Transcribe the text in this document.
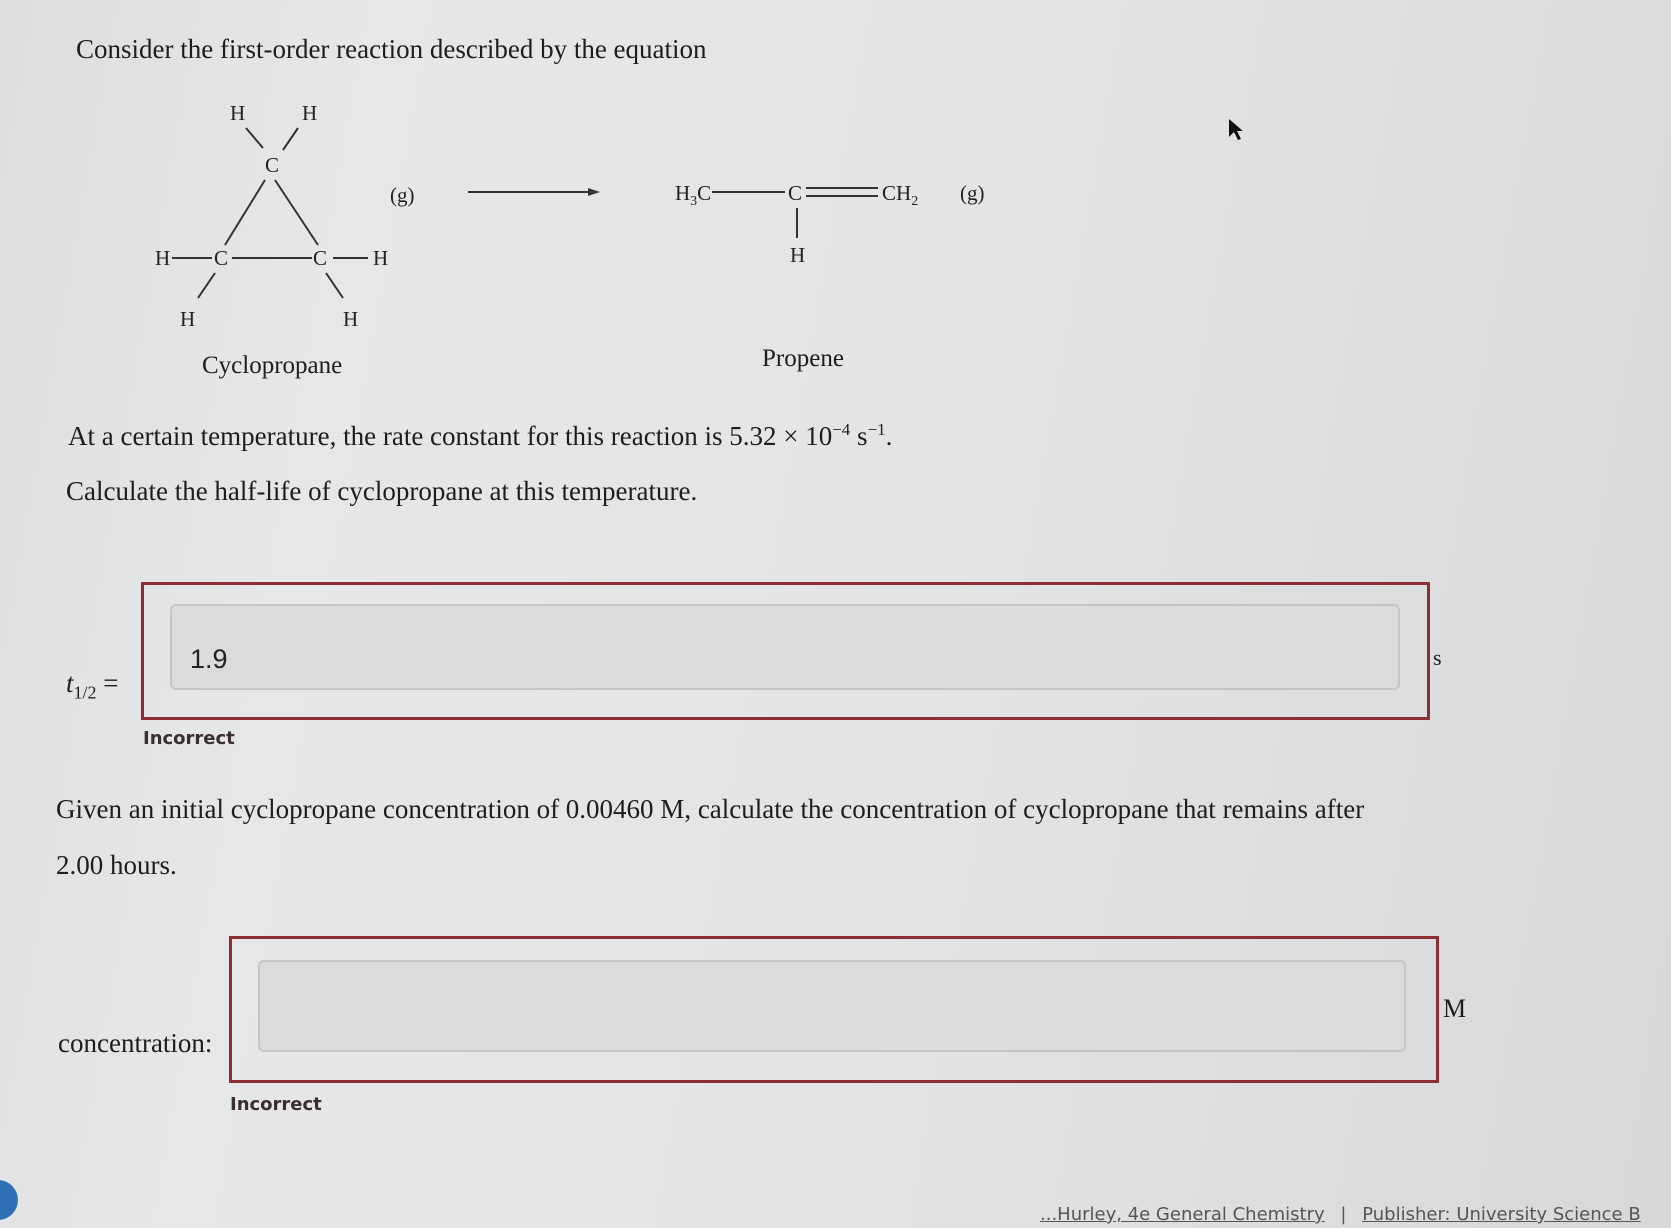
Consider the first-order reaction described by the equation
H	H
C
H C	C H
H	H
(g)	$H_3C$	C	$CH_2$
H
(g)
Cyclopropane	Propene
At a certain temperature, the rate constant for this reaction is $5.32 \times 10^{-4}$ $s^{-1}$.
Calculate the half-life of cyclopropane at this temperature.
$t_{1/2}$ =
1.9	s
Incorrect
Given an initial cyclopropane concentration of 0.00460 M, calculate the concentration of cyclopropane that remains after
2.00 hours.
concentration:
M
Incorrect
...Hurley, 4e General Chemistry | Publisher: University Science B
